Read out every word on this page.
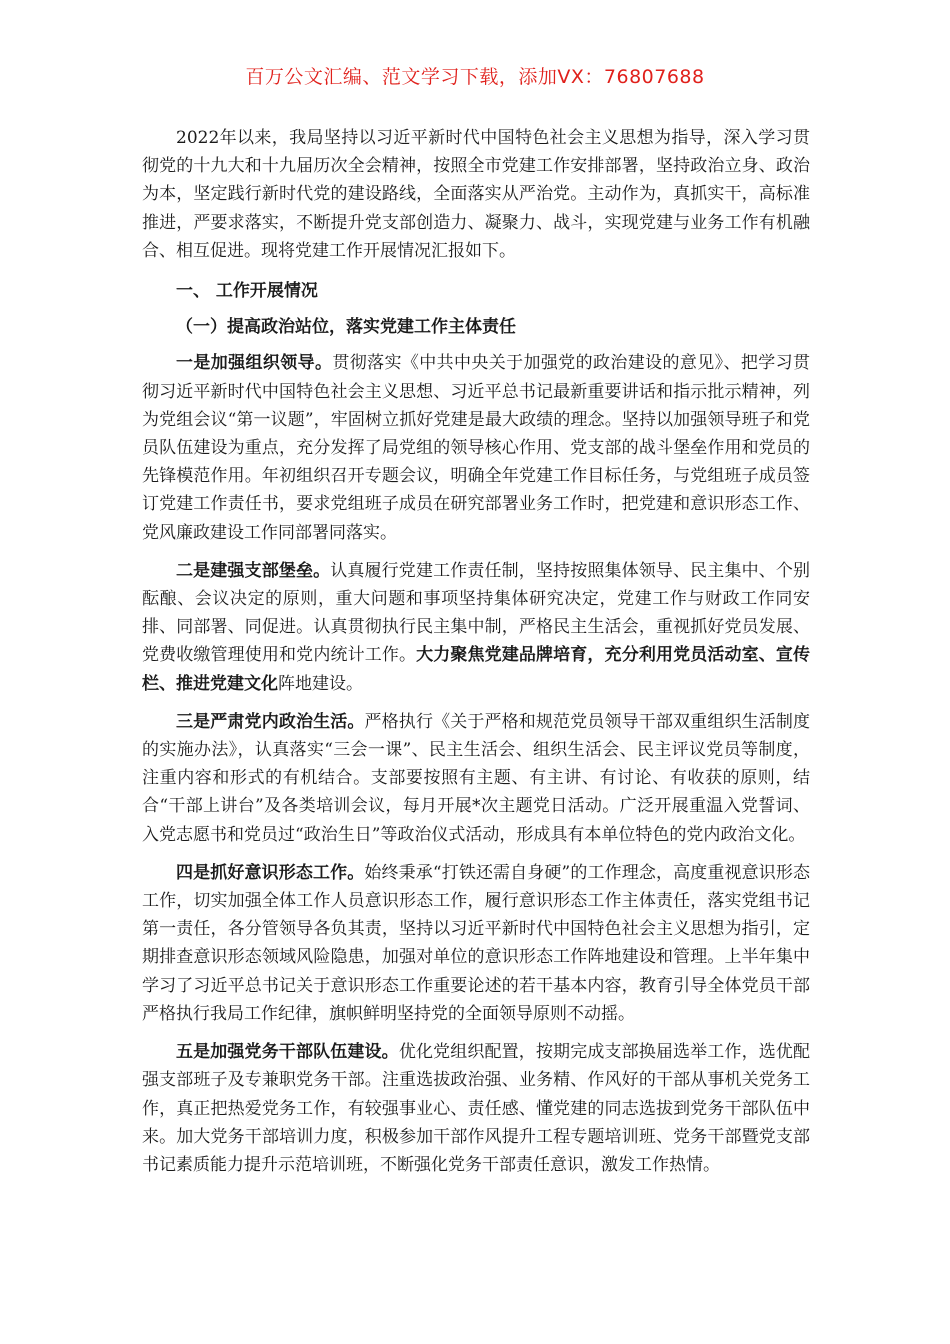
百万公文汇编、范文学习下载，添加VX：76807688

2022年以来，我局坚持以习近平新时代中国特色社会主义思想为指导，深入学习贯彻党的十九大和十九届历次全会精神，按照全市党建工作安排部署，坚持政治立身、政治为本，坚定践行新时代党的建设路线，全面落实从严治党。主动作为，真抓实干，高标准推进，严要求落实，不断提升党支部创造力、凝聚力、战斗，实现党建与业务工作有机融合、相互促进。现将党建工作开展情况汇报如下。

一、 工作开展情况

（一）提高政治站位，落实党建工作主体责任

一是加强组织领导。贯彻落实《中共中央关于加强党的政治建设的意见》、把学习贯彻习近平新时代中国特色社会主义思想、习近平总书记最新重要讲话和指示批示精神，列为党组会议“第一议题”，牢固树立抓好党建是最大政绩的理念。坚持以加强领导班子和党员队伍建设为重点，充分发挥了局党组的领导核心作用、党支部的战斗堡垒作用和党员的先锋模范作用。年初组织召开专题会议，明确全年党建工作目标任务，与党组班子成员签订党建工作责任书，要求党组班子成员在研究部署业务工作时，把党建和意识形态工作、党风廉政建设工作同部署同落实。

二是建强支部堡垒。认真履行党建工作责任制，坚持按照集体领导、民主集中、个别酝酿、会议决定的原则，重大问题和事项坚持集体研究决定，党建工作与财政工作同安排、同部署、同促进。认真贯彻执行民主集中制，严格民主生活会，重视抓好党员发展、党费收缴管理使用和党内统计工作。大力聚焦党建品牌培育，充分利用党员活动室、宣传栏、推进党建文化阵地建设。

三是严肃党内政治生活。严格执行《关于严格和规范党员领导干部双重组织生活制度的实施办法》，认真落实“三会一课”、民主生活会、组织生活会、民主评议党员等制度，注重内容和形式的有机结合。支部要按照有主题、有主讲、有讨论、有收获的原则，结合“干部上讲台”及各类培训会议，每月开展*次主题党日活动。广泛开展重温入党誓词、入党志愿书和党员过“政治生日”等政治仪式活动，形成具有本单位特色的党内政治文化。

四是抓好意识形态工作。始终秉承“打铁还需自身硬”的工作理念，高度重视意识形态工作，切实加强全体工作人员意识形态工作，履行意识形态工作主体责任，落实党组书记第一责任，各分管领导各负其责，坚持以习近平新时代中国特色社会主义思想为指引，定期排查意识形态领域风险隐患，加强对单位的意识形态工作阵地建设和管理。上半年集中学习了习近平总书记关于意识形态工作重要论述的若干基本内容，教育引导全体党员干部严格执行我局工作纪律，旗帜鲜明坚持党的全面领导原则不动摇。

五是加强党务干部队伍建设。优化党组织配置，按期完成支部换届选举工作，选优配强支部班子及专兼职党务干部。注重选拔政治强、业务精、作风好的干部从事机关党务工作，真正把热爱党务工作，有较强事业心、责任感、懂党建的同志选拔到党务干部队伍中来。加大党务干部培训力度，积极参加干部作风提升工程专题培训班、党务干部暨党支部书记素质能力提升示范培训班，不断强化党务干部责任意识，激发工作热情。
